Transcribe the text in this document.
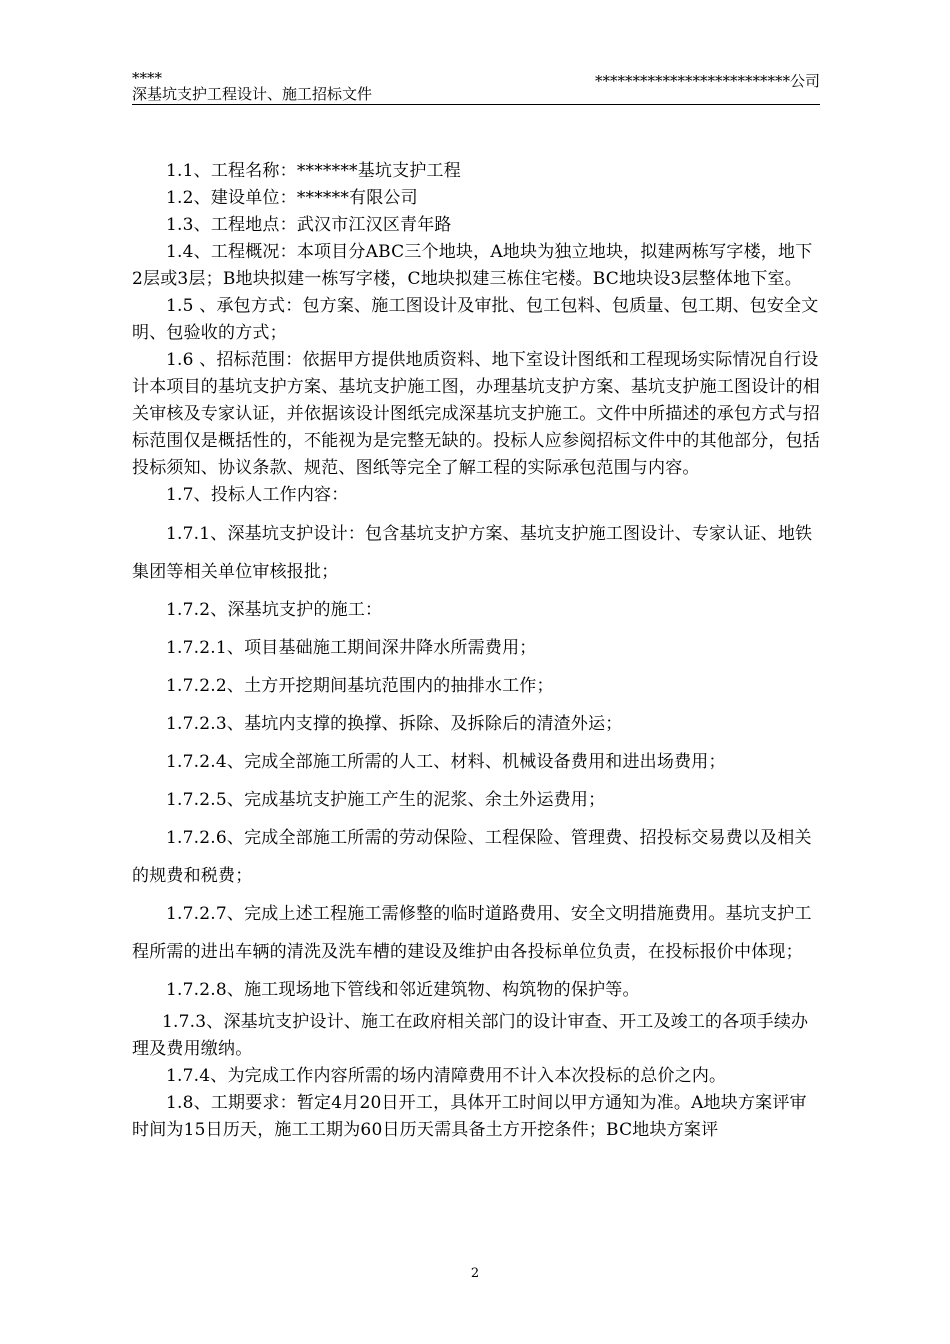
****	**************************公司
深基坑支护工程设计、施工招标文件

1.1、工程名称：*******基坑支护工程

1.2、建设单位：******有限公司

1.3、工程地点：武汉市江汉区青年路

1.4、工程概况：本项目分ABC三个地块，A地块为独立地块，拟建两栋写字楼，地下2层或3层；B地块拟建一栋写字楼，C地块拟建三栋住宅楼。BC地块设3层整体地下室。

1.5 、承包方式：包方案、施工图设计及审批、包工包料、包质量、包工期、包安全文明、包验收的方式；

1.6 、招标范围：依据甲方提供地质资料、地下室设计图纸和工程现场实际情况自行设计本项目的基坑支护方案、基坑支护施工图，办理基坑支护方案、基坑支护施工图设计的相关审核及专家认证，并依据该设计图纸完成深基坑支护施工。文件中所描述的承包方式与招标范围仅是概括性的，不能视为是完整无缺的。投标人应参阅招标文件中的其他部分，包括投标须知、协议条款、规范、图纸等完全了解工程的实际承包范围与内容。

1.7、投标人工作内容：

1.7.1、深基坑支护设计：包含基坑支护方案、基坑支护施工图设计、专家认证、地铁集团等相关单位审核报批；

1.7.2、深基坑支护的施工：

1.7.2.1、项目基础施工期间深井降水所需费用；

1.7.2.2、土方开挖期间基坑范围内的抽排水工作；

1.7.2.3、基坑内支撑的换撑、拆除、及拆除后的清渣外运；

1.7.2.4、完成全部施工所需的人工、材料、机械设备费用和进出场费用；

1.7.2.5、完成基坑支护施工产生的泥浆、余土外运费用；

1.7.2.6、完成全部施工所需的劳动保险、工程保险、管理费、招投标交易费以及相关的规费和税费；

1.7.2.7、完成上述工程施工需修整的临时道路费用、安全文明措施费用。基坑支护工程所需的进出车辆的清洗及洗车槽的建设及维护由各投标单位负责，在投标报价中体现；

1.7.2.8、施工现场地下管线和邻近建筑物、构筑物的保护等。

1.7.3、深基坑支护设计、施工在政府相关部门的设计审查、开工及竣工的各项手续办理及费用缴纳。

1.7.4、为完成工作内容所需的场内清障费用不计入本次投标的总价之内。

1.8、工期要求：暂定4月20日开工，具体开工时间以甲方通知为准。A地块方案评审时间为15日历天，施工工期为60日历天需具备土方开挖条件；BC地块方案评

2
